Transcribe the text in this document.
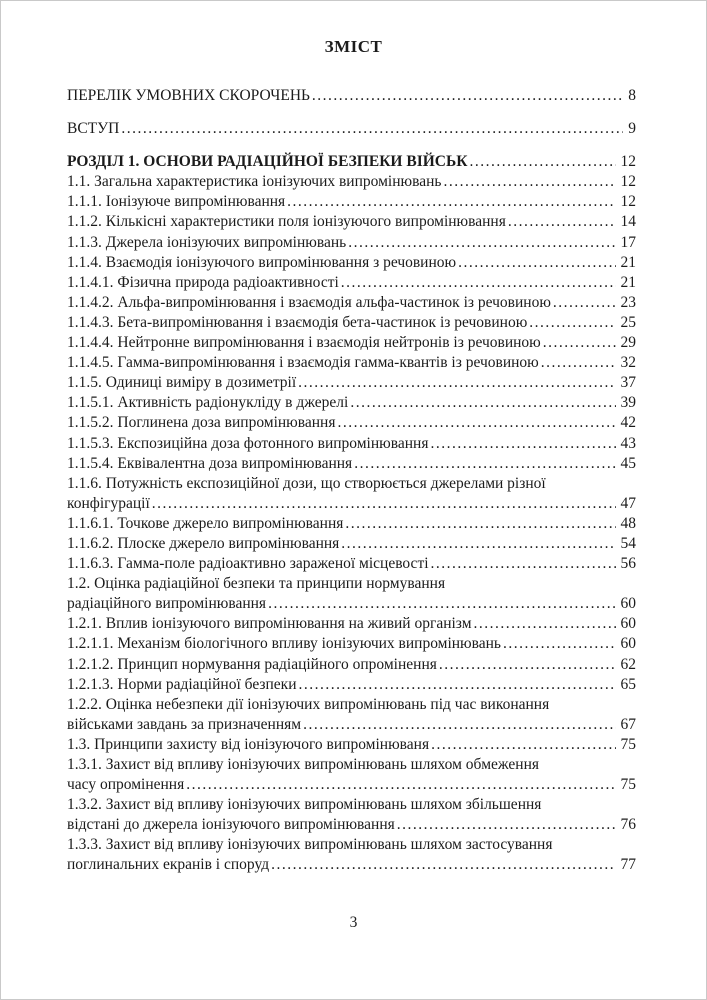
ЗМІСТ
ПЕРЕЛІК УМОВНИХ СКОРОЧЕНЬ .....	8
ВСТУП .....	9
РОЗДІЛ 1. ОСНОВИ РАДІАЦІЙНОЇ БЕЗПЕКИ ВІЙСЬК .....	12
1.1. Загальна характеристика іонізуючих випромінювань .....	12
1.1.1. Іонізуюче випромінювання .....	12
1.1.2. Кількісні характеристики поля іонізуючого випромінювання .....	14
1.1.3. Джерела іонізуючих випромінювань .....	17
1.1.4. Взаємодія іонізуючого випромінювання з речовиною .....	21
1.1.4.1. Фізична природа радіоактивності .....	21
1.1.4.2. Альфа-випромінювання і взаємодія альфа-частинок із речовиною .....	23
1.1.4.3. Бета-випромінювання і взаємодія бета-частинок із речовиною .....	25
1.1.4.4. Нейтронне випромінювання і взаємодія нейтронів із речовиною .....	29
1.1.4.5. Гамма-випромінювання і взаємодія гамма-квантів із речовиною .....	32
1.1.5. Одиниці виміру в дозиметрії .....	37
1.1.5.1. Активність радіонукліду в джерелі .....	39
1.1.5.2. Поглинена доза випромінювання .....	42
1.1.5.3. Експозиційна доза фотонного випромінювання .....	43
1.1.5.4. Еквівалентна доза випромінювання .....	45
1.1.6. Потужність експозиційної дози, що створюється джерелами різної
конфігурації .....	47
1.1.6.1. Точкове джерело випромінювання .....	48
1.1.6.2. Плоске джерело випромінювання .....	54
1.1.6.3. Гамма-поле радіоактивно зараженої місцевості .....	56
1.2. Оцінка радіаційної безпеки та принципи нормування
радіаційного випромінювання .....	60
1.2.1. Вплив іонізуючого випромінювання на живий організм .....	60
1.2.1.1. Механізм біологічного впливу іонізуючих випромінювань .....	60
1.2.1.2. Принцип нормування радіаційного опромінення .....	62
1.2.1.3. Норми радіаційної безпеки .....	65
1.2.2. Оцінка небезпеки дії іонізуючих випромінювань під час виконання
військами завдань за призначенням .....	67
1.3. Принципи захисту від іонізуючого випромінюваня .....	75
1.3.1. Захист від впливу іонізуючих випромінювань шляхом обмеження
часу опромінення .....	75
1.3.2. Захист від впливу іонізуючих випромінювань шляхом збільшення
відстані до джерела іонізуючого випромінювання .....	76
1.3.3. Захист від впливу іонізуючих випромінювань шляхом застосування
поглинальних екранів і споруд .....	77
3
